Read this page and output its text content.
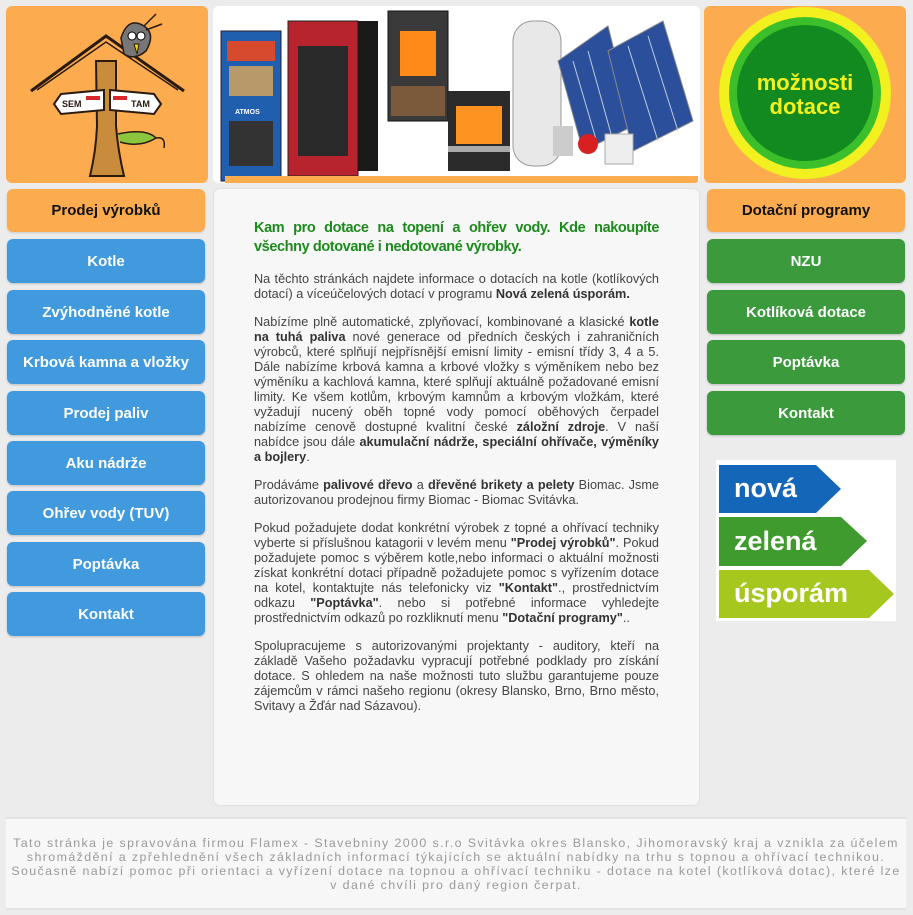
SEM	TAM
ATMOS
možnosti
dotace
Prodej výrobků	Dotační programy
Kotle
Zvýhodněné kotle
Krbová kamna a vložky
Prodej paliv
Aku nádrže
Ohřev vody (TUV)
Poptávka
Kontakt
NZU
Kotlíková dotace
Poptávka
Kontakt
nová
zelená
úsporám
Kam pro dotace na topení a ohřev vody. Kde nakoupíte všechny dotované i nedotované výrobky.

Na těchto stránkách najdete informace o dotacích na kotle (kotlíkových dotací) a víceúčelových dotací v programu Nová zelená úsporám.

Nabízíme plně automatické, zplyňovací, kombinované a klasické kotle na tuhá paliva nové generace od předních českých i zahraničních výrobců, které splňují nejpřísnější emisní limity - emisní třídy 3, 4 a 5. Dále nabízíme krbová kamna a krbové vložky s výměníkem nebo bez výměníku a kachlová kamna, které splňují aktuálně požadované emisní limity. Ke všem kotlům, krbovým kamnům a krbovým vložkám, které vyžadují nucený oběh topné vody pomocí oběhových čerpadel nabízíme cenově dostupné kvalitní české záložní zdroje. V naší nabídce jsou dále akumulační nádrže, speciální ohřívače, výměníky a bojlery.

Prodáváme palivové dřevo a dřevěné brikety a pelety Biomac. Jsme autorizovanou prodejnou firmy Biomac - Biomac Svitávka.

Pokud požadujete dodat konkrétní výrobek z topné a ohřívací techniky vyberte si příslušnou katagorii v levém menu "Prodej výrobků". Pokud požadujete pomoc s výběrem kotle,nebo informaci o aktuální možnosti získat konkrétní dotaci případně požadujete pomoc s vyřízením dotace na kotel, kontaktujte nás telefonicky viz "Kontakt"., prostřednictvím odkazu "Poptávka". nebo si potřebné informace vyhledejte prostřednictvím odkazů po rozkliknutí menu "Dotační programy"..

Spolupracujeme s autorizovanými projektanty - auditory, kteří na základě Vašeho požadavku vypracují potřebné podklady pro získání dotace. S ohledem na naše možnosti tuto službu garantujeme pouze zájemcům v rámci našeho regionu (okresy Blansko, Brno, Brno město, Svitavy a Žďár nad Sázavou).

Tato stránka je spravována firmou Flamex - Stavebniny 2000 s.r.o Svitávka okres Blansko, Jihomoravský kraj a vznikla za účelem shromáždění a zpřehlednění všech základních informací týkajících se aktuální nabídky na trhu s topnou a ohřívací technikou. Současně nabízí pomoc při orientaci a vyřízení dotace na topnou a ohřívací techniku - dotace na kotel (kotlíková dotac), které lze v dané chvíli pro daný region čerpat.
